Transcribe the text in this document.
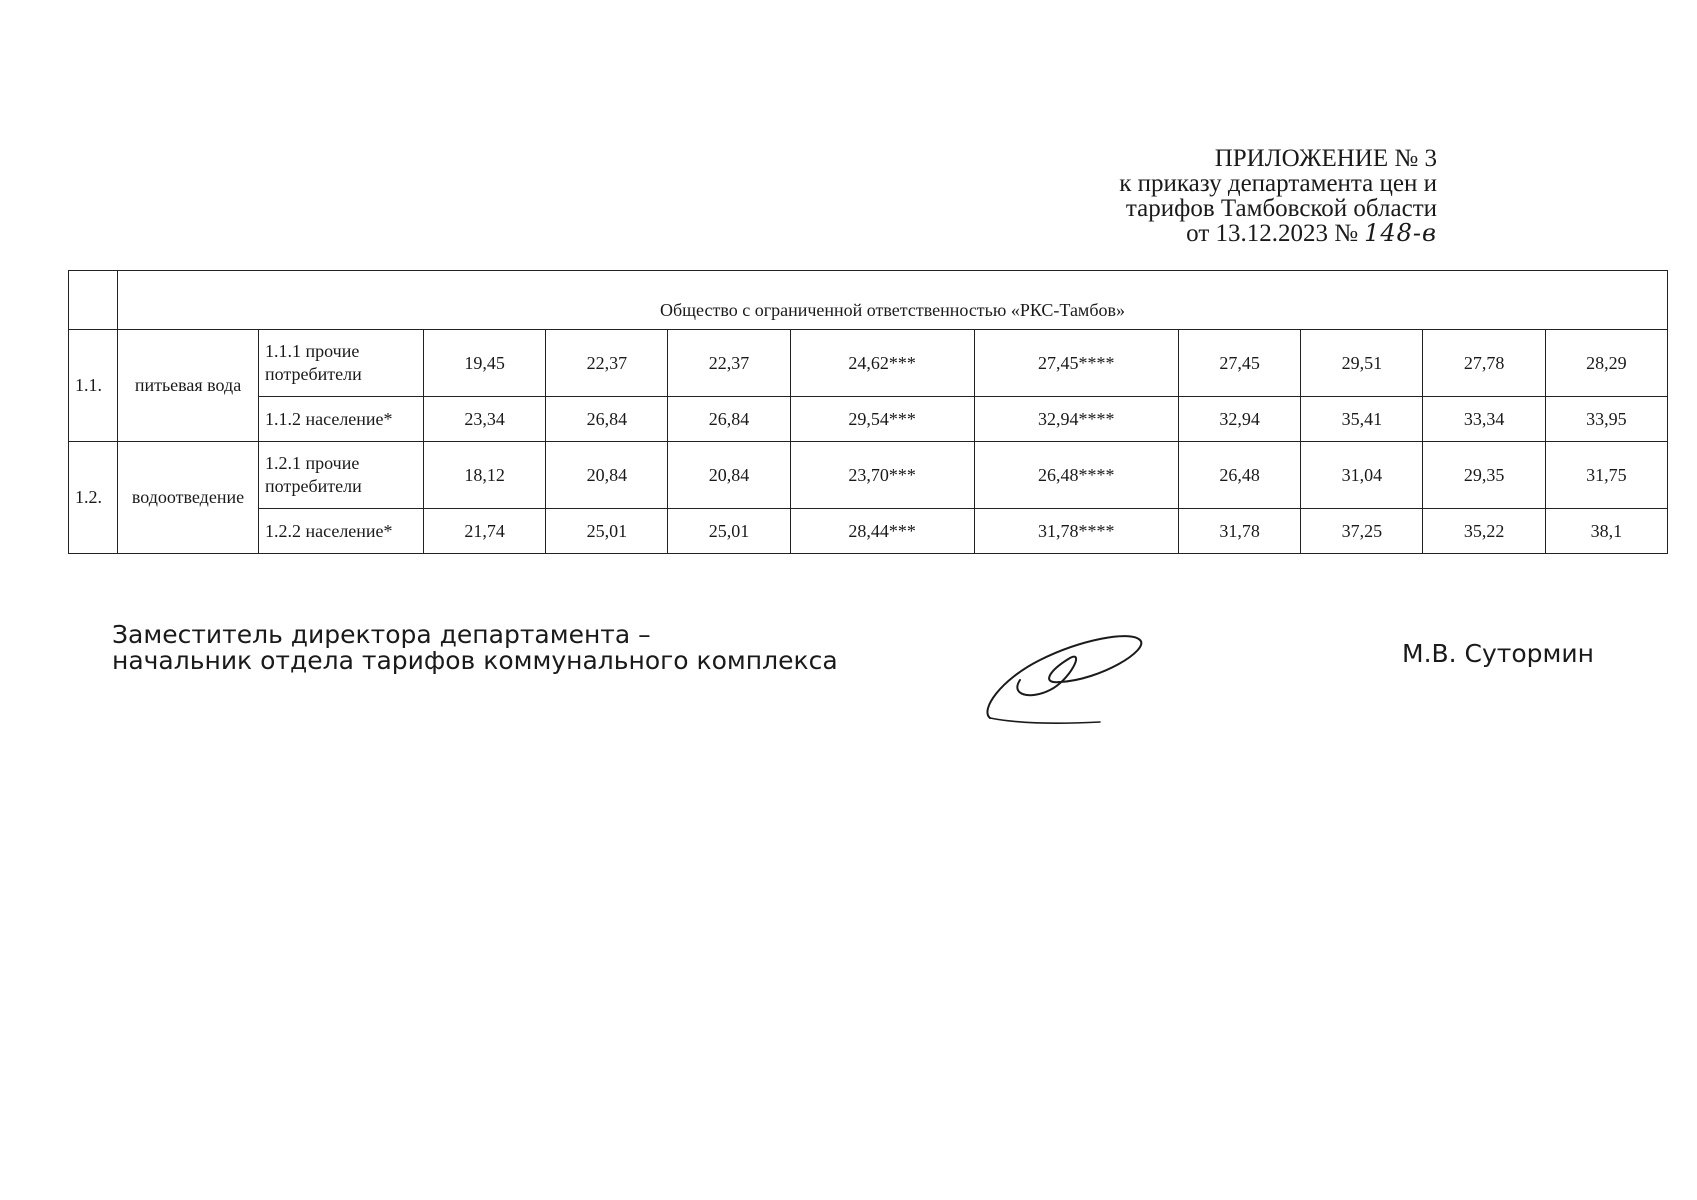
ПРИЛОЖЕНИЕ № 3
к приказу департамента цен и
тарифов Тамбовской области
от 13.12.2023 № 148-в
	Общество с ограниченной ответственностью «РКС-Тамбов»										
1.1.	питьевая вода	1.1.1 прочие потребители	19,45	22,37	22,37	24,62***	27,45****	27,45	29,51	27,78	28,29
		1.1.2 население*	23,34	26,84	26,84	29,54***	32,94****	32,94	35,41	33,34	33,95
1.2.	водоотведение	1.2.1 прочие потребители	18,12	20,84	20,84	23,70***	26,48****	26,48	31,04	29,35	31,75
		1.2.2 население*	21,74	25,01	25,01	28,44***	31,78****	31,78	37,25	35,22	38,1
Заместитель директора департамента –
начальник отдела тарифов коммунального комплекса	М.В. Сутормин
